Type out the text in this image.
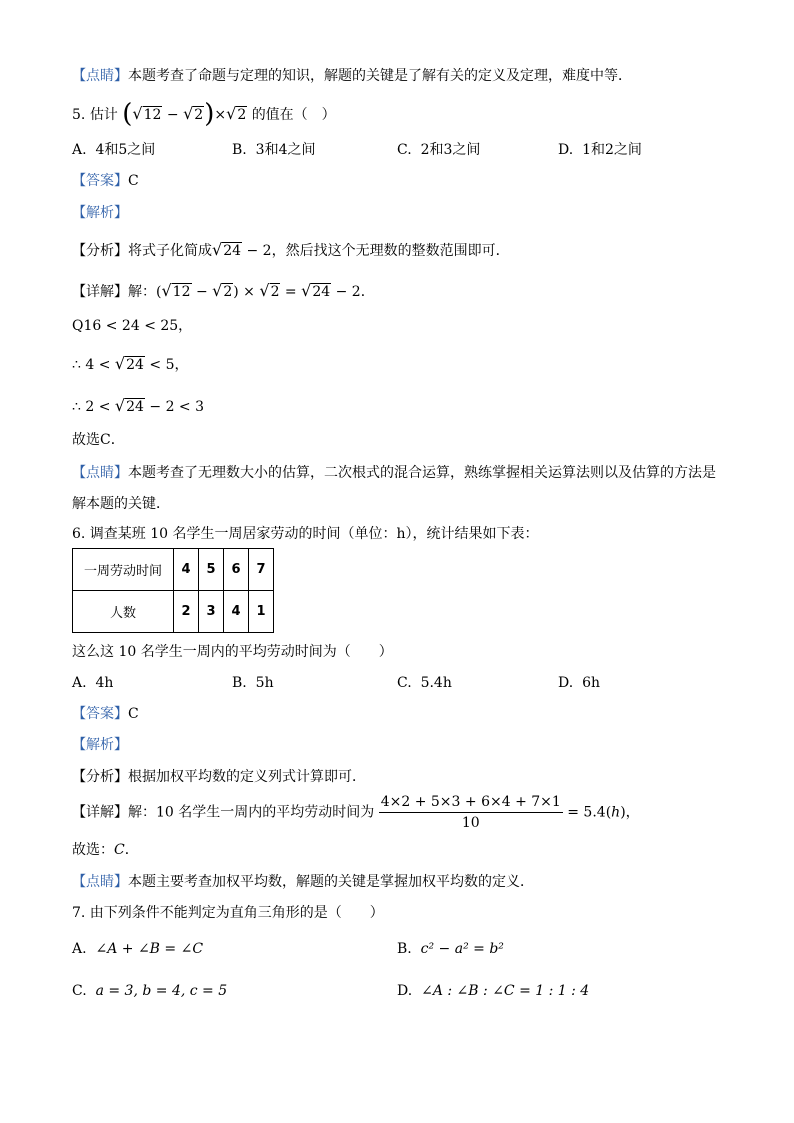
【点睛】本题考查了命题与定理的知识，解题的关键是了解有关的定义及定理，难度中等．
5. 估计 (√12 − √2)×√2 的值在（　）
A. 4和5之间	B. 3和4之间	C. 2和3之间	D. 1和2之间
【答案】C
【解析】
【分析】将式子化简成√24 − 2，然后找这个无理数的整数范围即可．
【详解】解：(√12 − √2) × √2 = √24 − 2．
Q16 < 24 < 25，
∴ 4 < √24 < 5，
∴ 2 < √24 − 2 < 3
故选C．
【点睛】本题考查了无理数大小的估算，二次根式的混合运算，熟练掌握相关运算法则以及估算的方法是
解本题的关键．
6. 调查某班 10 名学生一周居家劳动的时间（单位：h），统计结果如下表：
一周劳动时间	4	5	6	7
人数	2	3	4	1
这么这 10 名学生一周内的平均劳动时间为（　　）
A. 4h	B. 5h	C. 5.4h	D. 6h
【答案】C
【解析】
【分析】根据加权平均数的定义列式计算即可．
【详解】解：10 名学生一周内的平均劳动时间为 $\frac{4\times 2 + 5\times 3 + 6\times 4 + 7\times 1}{10} = 5.4(h)$，
故选：C．
【点睛】本题主要考查加权平均数，解题的关键是掌握加权平均数的定义．
7. 由下列条件不能判定为直角三角形的是（　　）
A. ∠A + ∠B = ∠C	B. c² − a² = b²
C. a = 3, b = 4, c = 5	D. ∠A : ∠B : ∠C = 1 : 1 : 4
